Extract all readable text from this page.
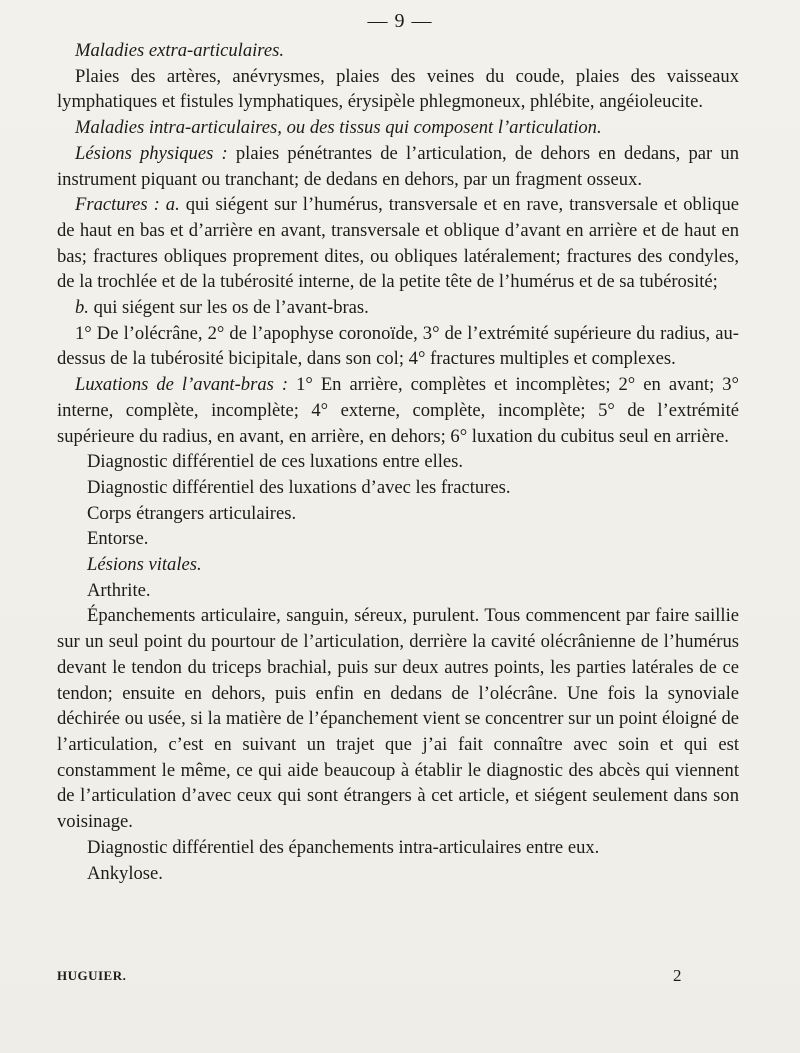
— 9 —

Maladies extra-articulaires.

Plaies des artères, anévrysmes, plaies des veines du coude, plaies des vaisseaux lymphatiques et fistules lymphatiques, érysipèle phlegmoneux, phlébite, angéioleucite.

Maladies intra-articulaires, ou des tissus qui composent l’articulation.

Lésions physiques : plaies pénétrantes de l’articulation, de dehors en dedans, par un instrument piquant ou tranchant; de dedans en dehors, par un fragment osseux.

Fractures : a. qui siégent sur l’humérus, transversale et en rave, transversale et oblique de haut en bas et d’arrière en avant, transversale et oblique d’avant en arrière et de haut en bas; fractures obliques proprement dites, ou obliques latéralement; fractures des condyles, de la trochlée et de la tubérosité interne, de la petite tête de l’humérus et de sa tubérosité;

b. qui siégent sur les os de l’avant-bras.

1° De l’olécrâne, 2° de l’apophyse coronoïde, 3° de l’extrémité supérieure du radius, au-dessus de la tubérosité bicipitale, dans son col; 4° fractures multiples et complexes.

Luxations de l’avant-bras : 1° En arrière, complètes et incomplètes; 2° en avant; 3° interne, complète, incomplète; 4° externe, complète, incomplète; 5° de l’extrémité supérieure du radius, en avant, en arrière, en dehors; 6° luxation du cubitus seul en arrière.

Diagnostic différentiel de ces luxations entre elles.

Diagnostic différentiel des luxations d’avec les fractures.

Corps étrangers articulaires.

Entorse.

Lésions vitales.

Arthrite.

Épanchements articulaire, sanguin, séreux, purulent. Tous commencent par faire saillie sur un seul point du pourtour de l’articulation, derrière la cavité olécrânienne de l’humérus devant le tendon du triceps brachial, puis sur deux autres points, les parties latérales de ce tendon; ensuite en dehors, puis enfin en dedans de l’olécrâne. Une fois la synoviale déchirée ou usée, si la matière de l’épanchement vient se concentrer sur un point éloigné de l’articulation, c’est en suivant un trajet que j’ai fait connaître avec soin et qui est constamment le même, ce qui aide beaucoup à établir le diagnostic des abcès qui viennent de l’articulation d’avec ceux qui sont étrangers à cet article, et siégent seulement dans son voisinage.

Diagnostic différentiel des épanchements intra-articulaires entre eux.

Ankylose.

HUGUIER.	2
